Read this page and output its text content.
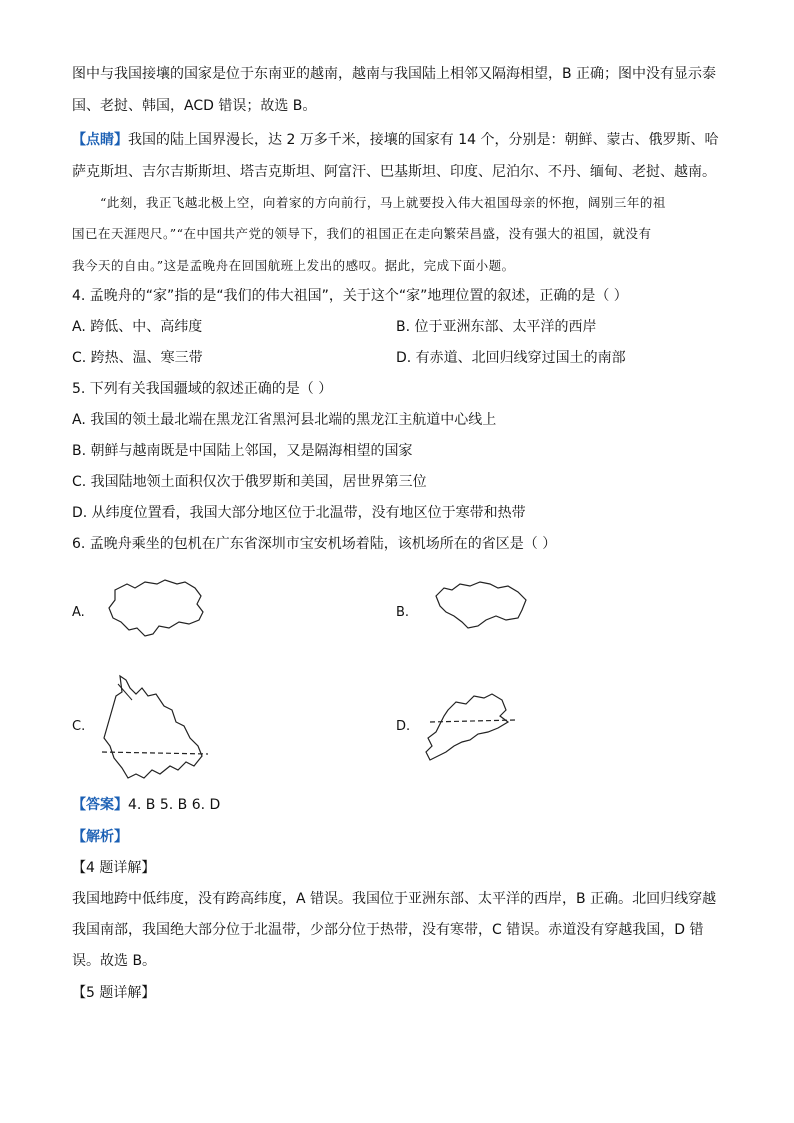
图中与我国接壤的国家是位于东南亚的越南，越南与我国陆上相邻又隔海相望，B 正确；图中没有显示泰
国、老挝、韩国，ACD 错误；故选 B。
【点睛】我国的陆上国界漫长，达 2 万多千米，接壤的国家有 14 个，分别是：朝鲜、蒙古、俄罗斯、哈
萨克斯坦、吉尔吉斯斯坦、塔吉克斯坦、阿富汗、巴基斯坦、印度、尼泊尔、不丹、缅甸、老挝、越南。
“此刻，我正飞越北极上空，向着家的方向前行，马上就要投入伟大祖国母亲的怀抱，阔别三年的祖
国已在天涯咫尺。”“在中国共产党的领导下，我们的祖国正在走向繁荣昌盛，没有强大的祖国，就没有
我今天的自由。”这是孟晚舟在回国航班上发出的感叹。据此，完成下面小题。
4. 孟晚舟的“家”指的是“我们的伟大祖国”，关于这个“家”地理位置的叙述，正确的是（ ）
A. 跨低、中、高纬度	B. 位于亚洲东部、太平洋的西岸
C. 跨热、温、寒三带	D. 有赤道、北回归线穿过国土的南部
5. 下列有关我国疆域的叙述正确的是（ ）
A. 我国的领土最北端在黑龙江省黑河县北端的黑龙江主航道中心线上
B. 朝鲜与越南既是中国陆上邻国，又是隔海相望的国家
C. 我国陆地领土面积仅次于俄罗斯和美国，居世界第三位
D. 从纬度位置看，我国大部分地区位于北温带，没有地区位于寒带和热带
6. 孟晚舟乘坐的包机在广东省深圳市宝安机场着陆，该机场所在的省区是（ ）
A.	B.
C.	D.
【答案】4. B 5. B 6. D
【解析】
【4 题详解】
我国地跨中低纬度，没有跨高纬度，A 错误。我国位于亚洲东部、太平洋的西岸，B 正确。北回归线穿越
我国南部，我国绝大部分位于北温带，少部分位于热带，没有寒带，C 错误。赤道没有穿越我国，D 错
误。故选 B。
【5 题详解】
